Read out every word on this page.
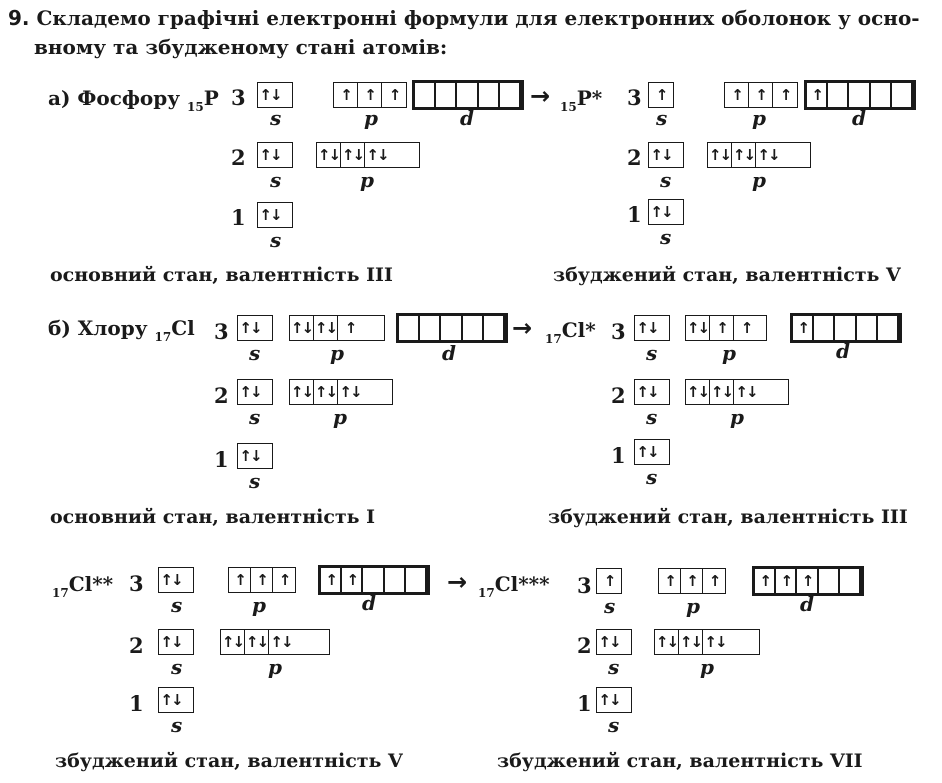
9. Складемо графічні електронні формули для електронних оболонок у осно-
вному та збудженому стані атомів:

а) Фосфору $_{15}$P 3 ↑↓
s
↑ ↑ ↑
p	d
2 ↑↓
s
↑↓ ↑↓ ↑↓
p
1 ↑↓
s
→ $_{15}$P* 3 ↑
s
↑ ↑ ↑
p
↑
d
2 ↑↓
s
↑↓ ↑↓ ↑↓
p
1 ↑↓
s
основний стан, валентність III	збуджений стан, валентність V
б) Хлору $_{17}$Cl 3 ↑↓
s
↑↓ ↑↓ ↑
p	d
2 ↑↓
s
↑↓ ↑↓ ↑↓
p
1 ↑↓
s
→ $_{17}$Cl* 3 ↑↓
s
↑↓ ↑ ↑
p
↑
d
2 ↑↓
s
↑↓ ↑↓ ↑↓
p
1 ↑↓
s
основний стан, валентність I	збуджений стан, валентність III
$_{17}$Cl** 3 ↑↓
s
↑ ↑ ↑
p
↑ ↑
d
2 ↑↓
s
↑↓ ↑↓ ↑↓
p
1 ↑↓
s
→ $_{17}$Cl*** 3 ↑
s
↑ ↑ ↑
p
↑ ↑ ↑
d
2 ↑↓
s
↑↓ ↑↓ ↑↓
p
1 ↑↓
s
збуджений стан, валентність V	збуджений стан, валентність VII
